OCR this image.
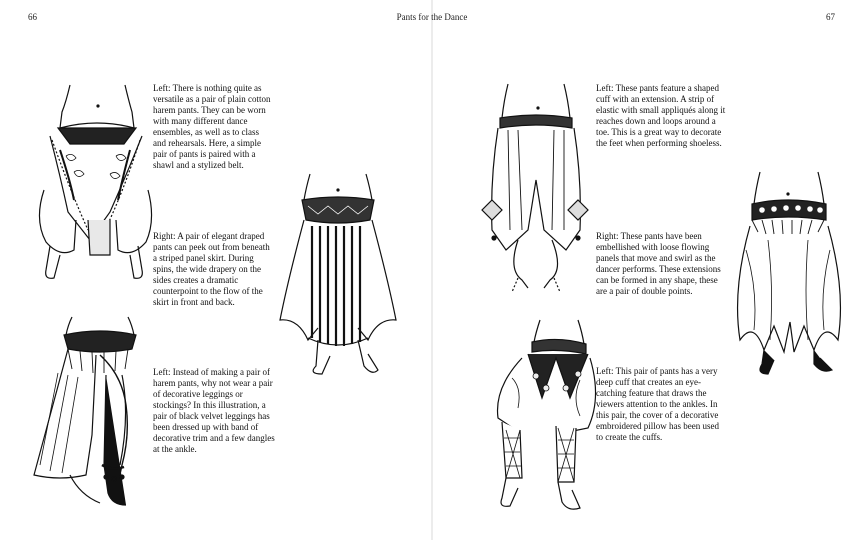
66	Pants for the Dance	67

Left: There is nothing quite as versatile as a pair of plain cotton harem pants. They can be worn with many different dance ensembles, as well as to class and rehearsals. Here, a simple pair of pants is paired with a shawl and a stylized belt.

Right: A pair of elegant draped pants can peek out from beneath a striped panel skirt. During spins, the wide drapery on the sides creates a dramatic counterpoint to the flow of the skirt in front and back.

Left: Instead of making a pair of harem pants, why not wear a pair of decorative leggings or stockings? In this illustration, a pair of black velvet leggings has been dressed up with band of decorative trim and a few dangles at the ankle.

Left: These pants feature a shaped cuff with an extension. A strip of elastic with small appliqués along it reaches down and loops around a toe. This is a great way to decorate the feet when performing shoeless.

Right: These pants have been embellished with loose flowing panels that move and swirl as the dancer performs. These extensions can be formed in any shape, these are a pair of double points.

Left: This pair of pants has a very deep cuff that creates an eye-catching feature that draws the viewers attention to the ankles. In this pair, the cover of a decorative embroidered pillow has been used to create the cuffs.
